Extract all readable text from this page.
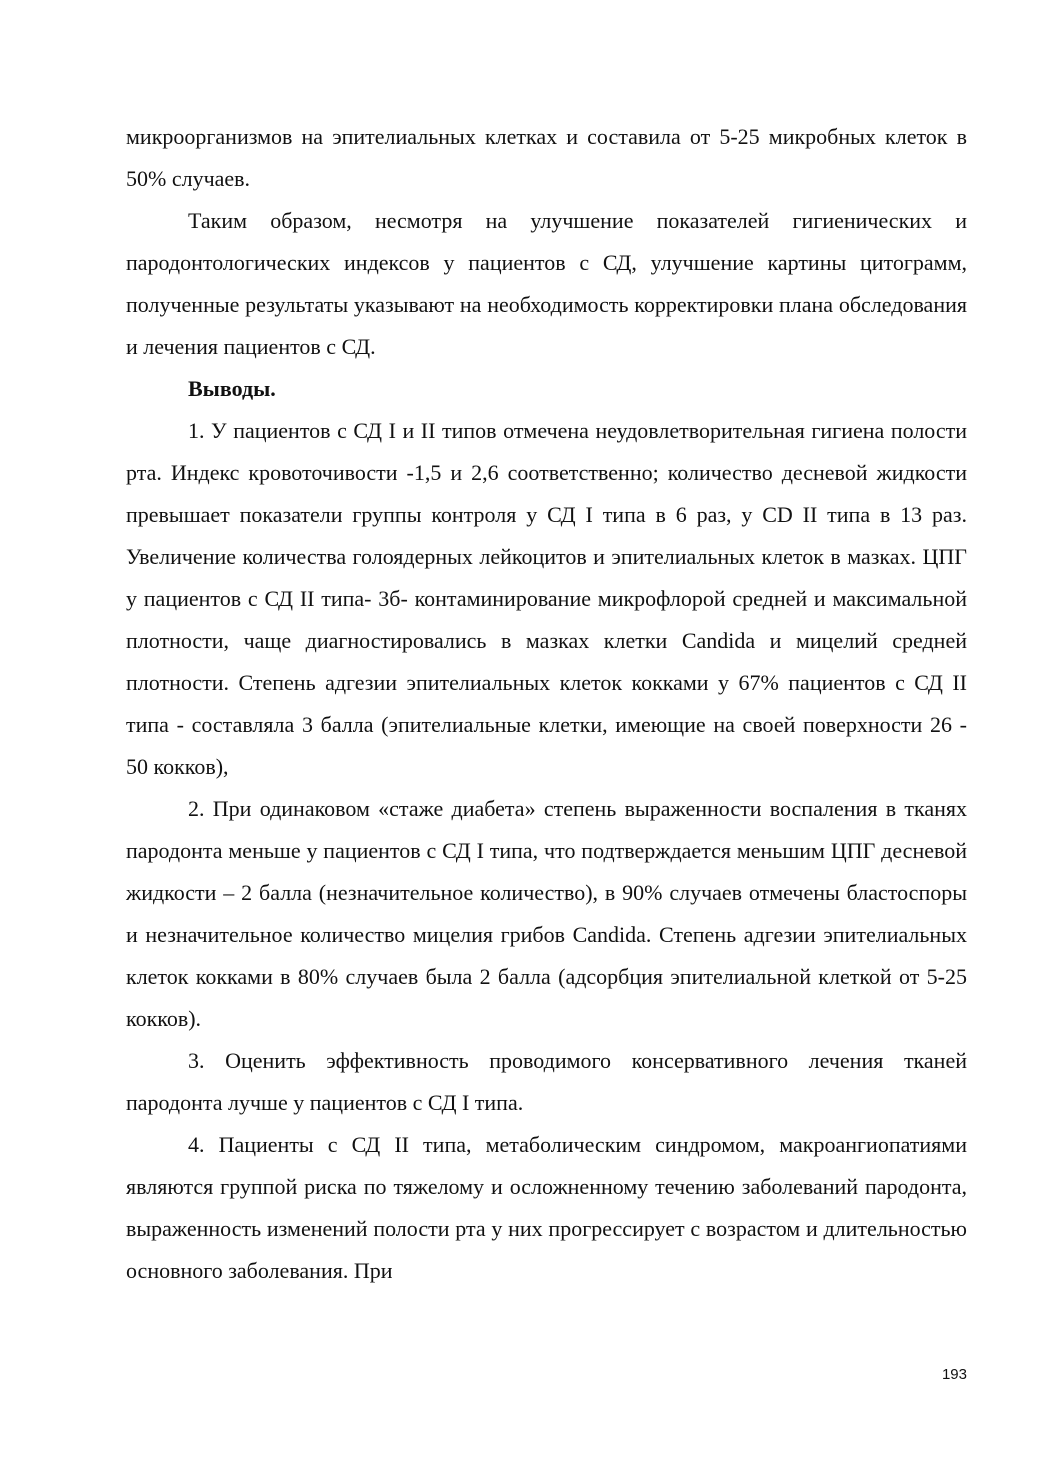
микроорганизмов на эпителиальных клетках и составила от 5-25 микробных клеток в 50% случаев.

Таким образом, несмотря на улучшение показателей гигиенических и пародонтологических индексов у пациентов с СД, улучшение картины цитограмм, полученные результаты указывают на необходимость корректировки плана обследования и лечения пациентов с СД.

Выводы.

1. У пациентов с СД I и II типов отмечена неудовлетворительная гигиена полости рта. Индекс кровоточивости -1,5 и 2,6 соответственно; количество десневой жидкости превышает показатели группы контроля у СД I типа в 6 раз, у CD II типа в 13 раз. Увеличение количества голоядерных лейкоцитов и эпителиальных клеток в мазках. ЦПГ у пациентов с СД II типа- 3б- контаминирование микрофлорой средней и максимальной плотности, чаще диагностировались в мазках клетки Candida и мицелий средней плотности. Степень адгезии эпителиальных клеток кокками у 67% пациентов с СД II типа - составляла 3 балла (эпителиальные клетки, имеющие на своей поверхности 26 - 50 кокков),

2. При одинаковом «стаже диабета» степень выраженности воспаления в тканях пародонта меньше у пациентов с СД I типа, что подтверждается меньшим ЦПГ десневой жидкости – 2 балла (незначительное количество), в 90% случаев отмечены бластоспоры и незначительное количество мицелия грибов Candida. Степень адгезии эпителиальных клеток кокками в 80% случаев была 2 балла (адсорбция эпителиальной клеткой от 5-25 кокков).

3. Оценить эффективность проводимого консервативного лечения тканей пародонта лучше у пациентов с СД I типа.

4. Пациенты с СД II типа, метаболическим синдромом, макроангиопатиями являются группой риска по тяжелому и осложненному течению заболеваний пародонта, выраженность изменений полости рта у них прогрессирует с возрастом и длительностью основного заболевания. При

193
